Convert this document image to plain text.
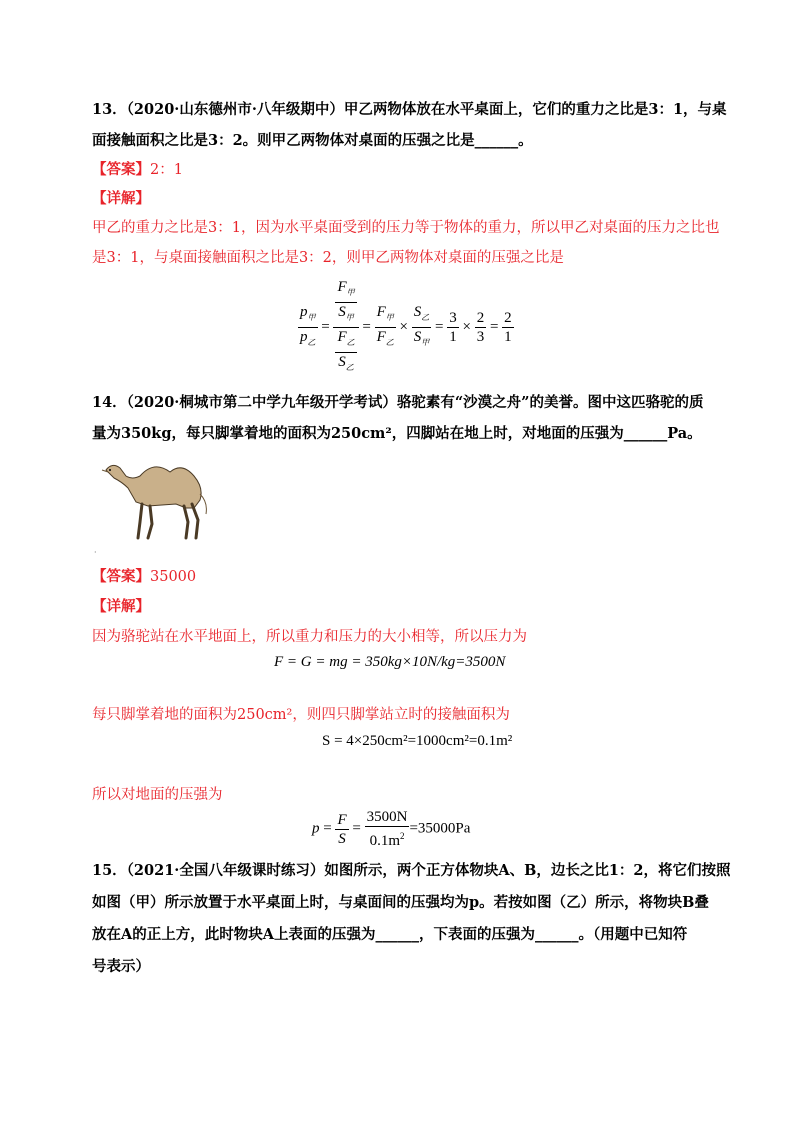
13．（2020·山东德州市·八年级期中）甲乙两物体放在水平桌面上，它们的重力之比是3：1，与桌
面接触面积之比是3：2。则甲乙两物体对桌面的压强之比是______。
【答案】2：1
【详解】
甲乙的重力之比是3：1，因为水平桌面受到的压力等于物体的重力，所以甲乙对桌面的压力之比也
是3：1，与桌面接触面积之比是3：2，则甲乙两物体对桌面的压强之比是
$\frac{p_甲}{p_乙} = \frac{\frac{F_甲}{S_甲}}{\frac{F_乙}{S_乙}} = \frac{F_甲}{F_乙} \times \frac{S_乙}{S_甲} = \frac{3}{1} \times \frac{2}{3} = \frac{2}{1}$
14．（2020·桐城市第二中学九年级开学考试）骆驼素有“沙漠之舟”的美誉。图中这匹骆驼的质
量为350kg，每只脚掌着地的面积为250cm²，四脚站在地上时，对地面的压强为______Pa。
·
【答案】35000
【详解】
因为骆驼站在水平地面上，所以重力和压力的大小相等，所以压力为
F = G = mg = 350kg×10N/kg=3500N
每只脚掌着地的面积为250cm²，则四只脚掌站立时的接触面积为
S = 4×250cm²=1000cm²=0.1m²
所以对地面的压强为
$p = \frac{F}{S} = \frac{3500N}{0.1m^2} =35000Pa$
15．（2021·全国八年级课时练习）如图所示，两个正方体物块A、B，边长之比1：2，将它们按照
如图（甲）所示放置于水平桌面上时，与桌面间的压强均为p。若按如图（乙）所示，将物块B叠
放在A的正上方，此时物块A上表面的压强为______，下表面的压强为______。（用题中已知符
号表示）
